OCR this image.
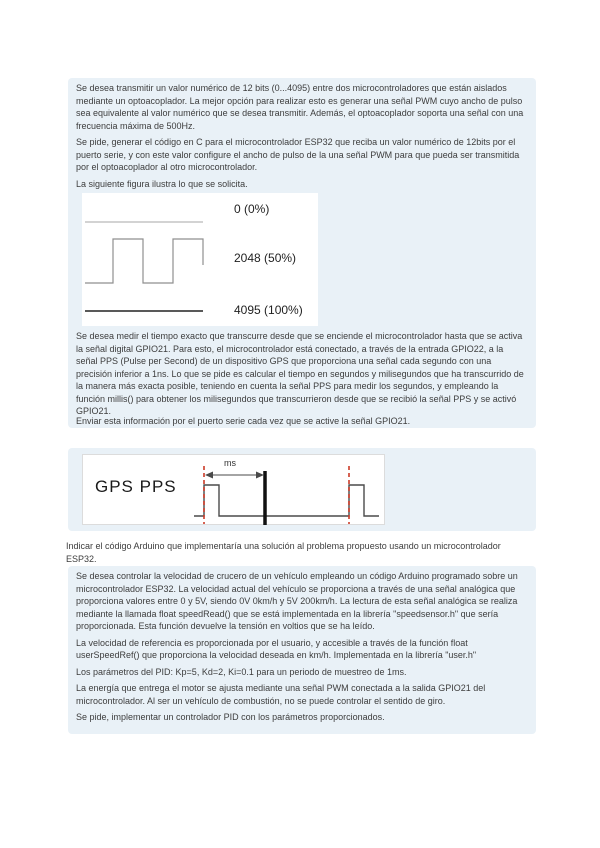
Se desea transmitir un valor numérico de 12 bits (0...4095) entre dos microcontroladores que están aislados mediante un optoacoplador. La mejor opción para realizar esto es generar una señal PWM cuyo ancho de pulso sea equivalente al valor numérico que se desea transmitir. Además, el optoacoplador soporta una señal con una frecuencia máxima de 500Hz.

Se pide, generar el código en C para el microcontrolador ESP32 que reciba un valor numérico de 12bits por el puerto serie, y con este valor configure el ancho de pulso de la una señal PWM para que pueda ser transmitida por el optoacoplador al otro microcontrolador.

La siguiente figura ilustra lo que se solicita.

0 (0%)
2048 (50%)
4095 (100%)

Se desea medir el tiempo exacto que transcurre desde que se enciende el microcontrolador hasta que se activa la señal digital GPIO21. Para esto, el microcontrolador está conectado, a través de la entrada GPIO22, a la señal PPS (Pulse per Second) de un dispositivo GPS que proporciona una señal cada segundo con una precisión inferior a 1ns. Lo que se pide es calcular el tiempo en segundos y milisegundos que ha transcurrido de la manera más exacta posible, teniendo en cuenta la señal PPS para medir los segundos, y empleando la función millis() para obtener los milisegundos que transcurrieron desde que se recibió la señal PPS y se activó GPIO21.

Enviar esta información por el puerto serie cada vez que se active la señal GPIO21.

GPS PPS
ms

Indicar el código Arduino que implementaría una solución al problema propuesto usando un microcontrolador ESP32.

Se desea controlar la velocidad de crucero de un vehículo empleando un código Arduino programado sobre un microcontrolador ESP32. La velocidad actual del vehículo se proporciona a través de una señal analógica que proporciona valores entre 0 y 5V, siendo 0V 0km/h y 5V 200km/h. La lectura de esta señal analógica se realiza mediante la llamada float speedRead() que se está implementada en la librería "speedsensor.h" que sería proporcionada. Esta función devuelve la tensión en voltios que se ha leído.

La velocidad de referencia es proporcionada por el usuario, y accesible a través de la función float userSpeedRef() que proporciona la velocidad deseada en km/h. Implementada en la librería "user.h"

Los parámetros del PID: Kp=5, Kd=2, Ki=0.1 para un periodo de muestreo de 1ms.

La energía que entrega el motor se ajusta mediante una señal PWM conectada a la salida GPIO21 del microcontrolador. Al ser un vehículo de combustión, no se puede controlar el sentido de giro.

Se pide, implementar un controlador PID con los parámetros proporcionados.
